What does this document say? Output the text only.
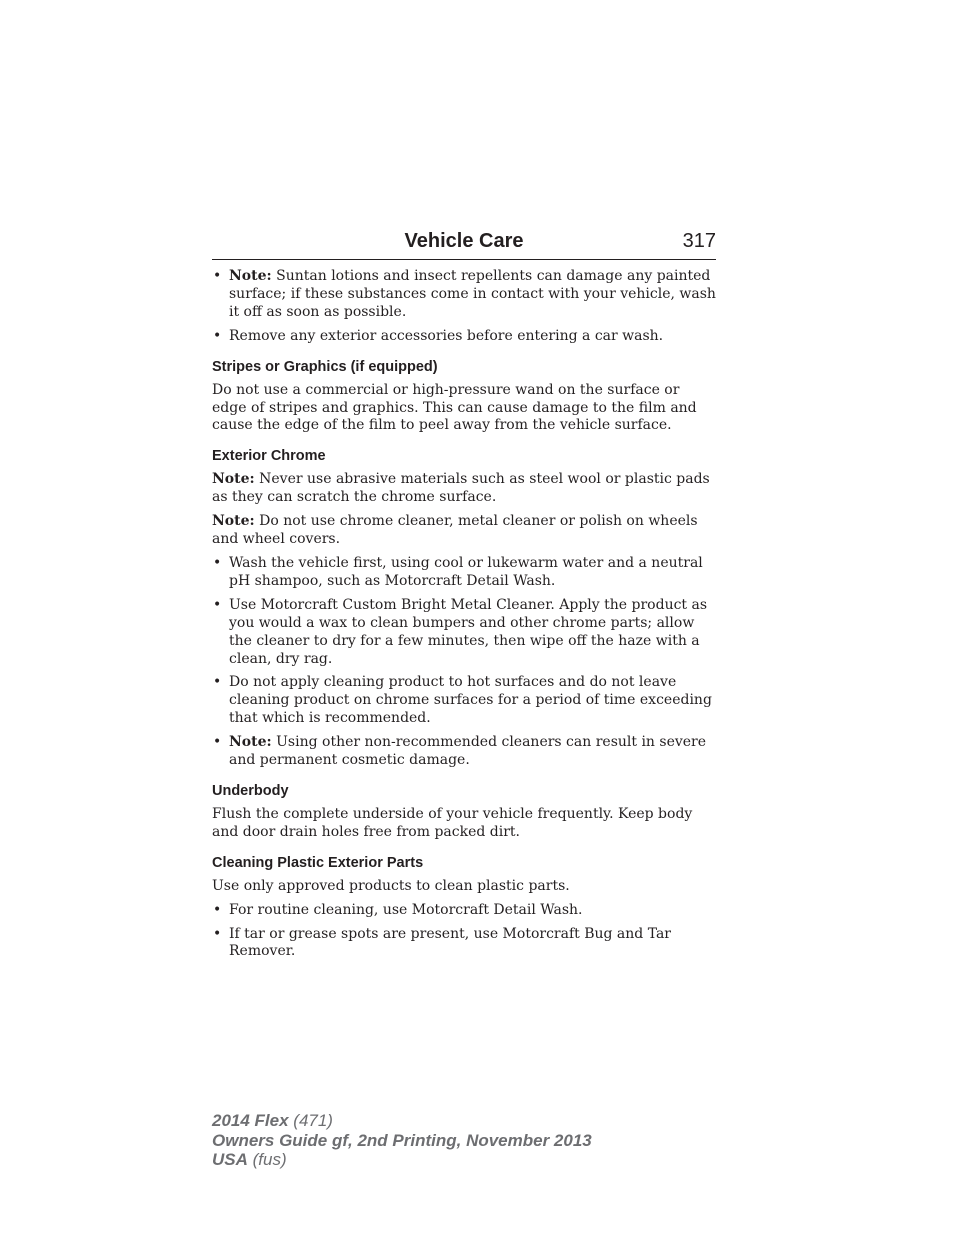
Vehicle Care	317
• Note: Suntan lotions and insect repellents can damage any painted surface; if these substances come in contact with your vehicle, wash it off as soon as possible.
• Remove any exterior accessories before entering a car wash.
Stripes or Graphics (if equipped)

Do not use a commercial or high-pressure wand on the surface or edge of stripes and graphics. This can cause damage to the film and cause the edge of the film to peel away from the vehicle surface.

Exterior Chrome

Note: Never use abrasive materials such as steel wool or plastic pads as they can scratch the chrome surface.

Note: Do not use chrome cleaner, metal cleaner or polish on wheels and wheel covers.

• Wash the vehicle first, using cool or lukewarm water and a neutral pH shampoo, such as Motorcraft Detail Wash.
• Use Motorcraft Custom Bright Metal Cleaner. Apply the product as you would a wax to clean bumpers and other chrome parts; allow the cleaner to dry for a few minutes, then wipe off the haze with a clean, dry rag.
• Do not apply cleaning product to hot surfaces and do not leave cleaning product on chrome surfaces for a period of time exceeding that which is recommended.
• Note: Using other non-recommended cleaners can result in severe and permanent cosmetic damage.
Underbody

Flush the complete underside of your vehicle frequently. Keep body and door drain holes free from packed dirt.

Cleaning Plastic Exterior Parts

Use only approved products to clean plastic parts.

• For routine cleaning, use Motorcraft Detail Wash.
• If tar or grease spots are present, use Motorcraft Bug and Tar Remover.
2014 Flex (471)
Owners Guide gf, 2nd Printing, November 2013
USA (fus)
